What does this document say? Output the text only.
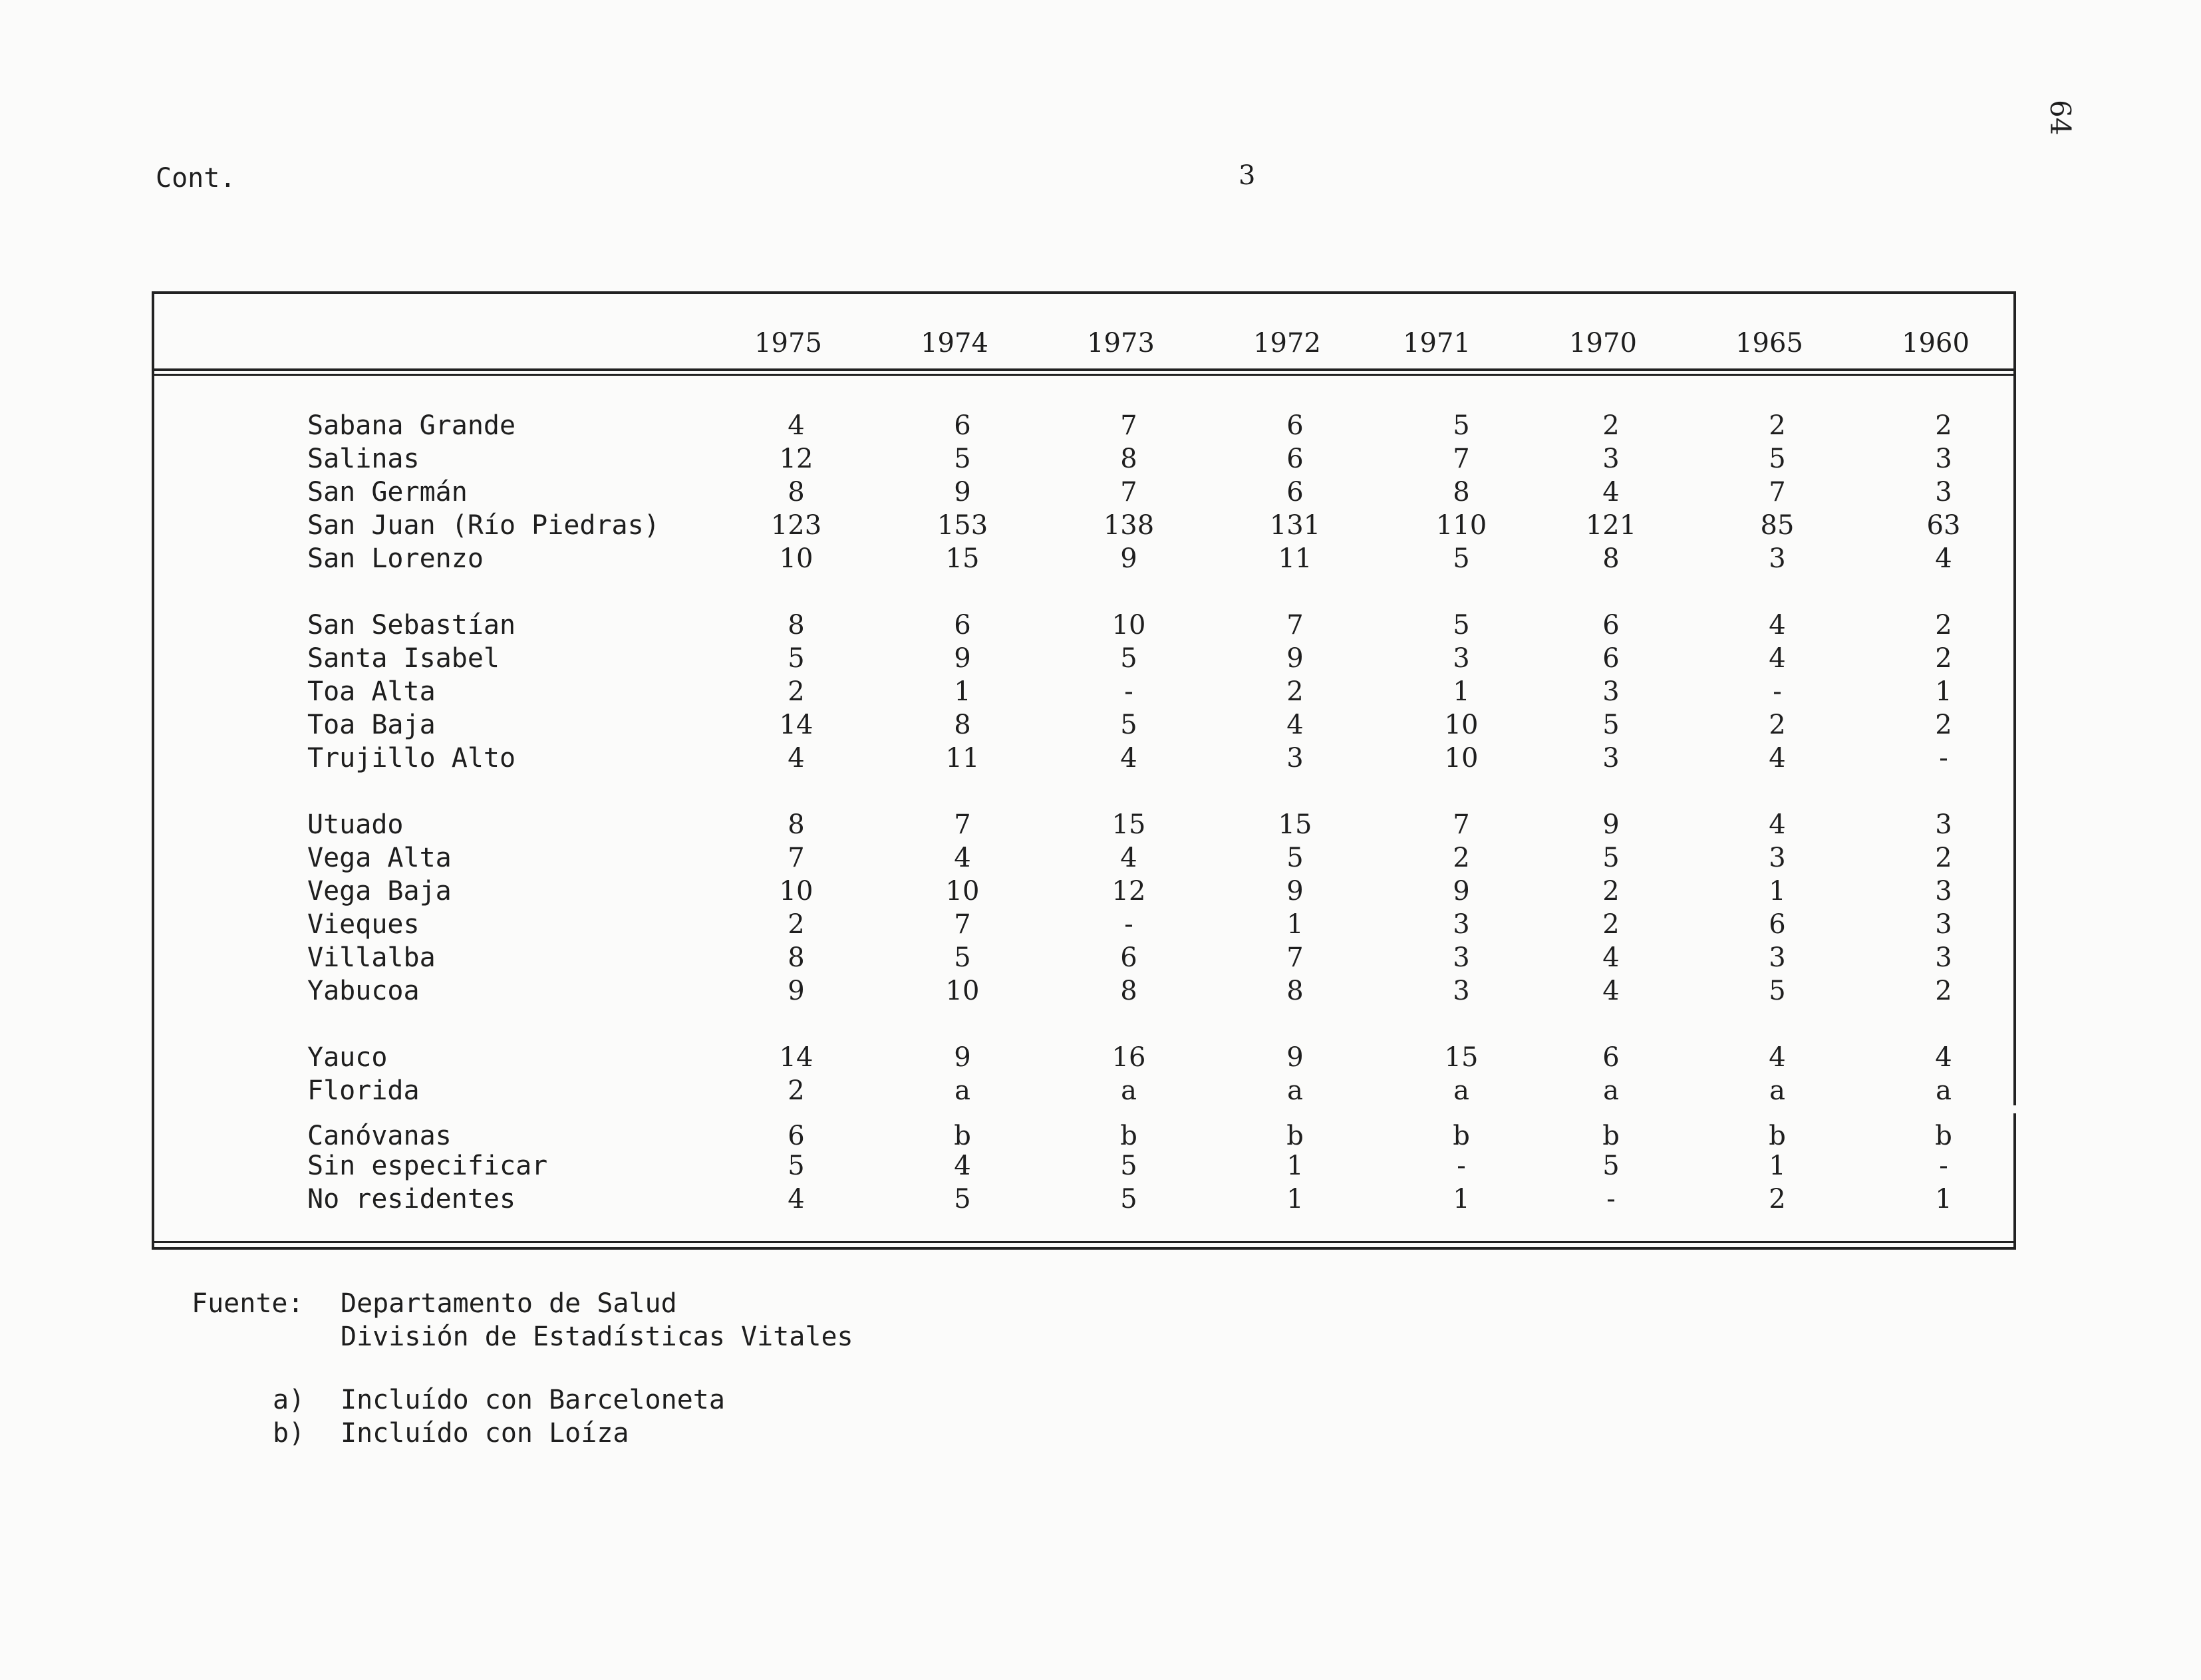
Cont.	3
64
1975	1974	1973	1972	1971	1970	1965	1960
Sabana Grande	4	6	7	6	5	2	2	2
Salinas	12	5	8	6	7	3	5	3
San Germán	8	9	7	6	8	4	7	3
San Juan (Río Piedras)	123	153	138	131	110	121	85	63
San Lorenzo	10	15	9	11	5	8	3	4
San Sebastían	8	6	10	7	5	6	4	2
Santa Isabel	5	9	5	9	3	6	4	2
Toa Alta	2	1	-	2	1	3	-	1
Toa Baja	14	8	5	4	10	5	2	2
Trujillo Alto	4	11	4	3	10	3	4	-
Utuado	8	7	15	15	7	9	4	3
Vega Alta	7	4	4	5	2	5	3	2
Vega Baja	10	10	12	9	9	2	1	3
Vieques	2	7	-	1	3	2	6	3
Villalba	8	5	6	7	3	4	3	3
Yabucoa	9	10	8	8	3	4	5	2
Yauco	14	9	16	9	15	6	4	4
Florida	2	a	a	a	a	a	a	a
Canóvanas	6	b	b	b	b	b	b	b
Sin especificar	5	4	5	1	-	5	1	-
No residentes	4	5	5	1	1	-	2	1
Fuente: Departamento de Salud
División de Estadísticas Vitales
a) Incluído con Barceloneta
b) Incluído con Loíza
